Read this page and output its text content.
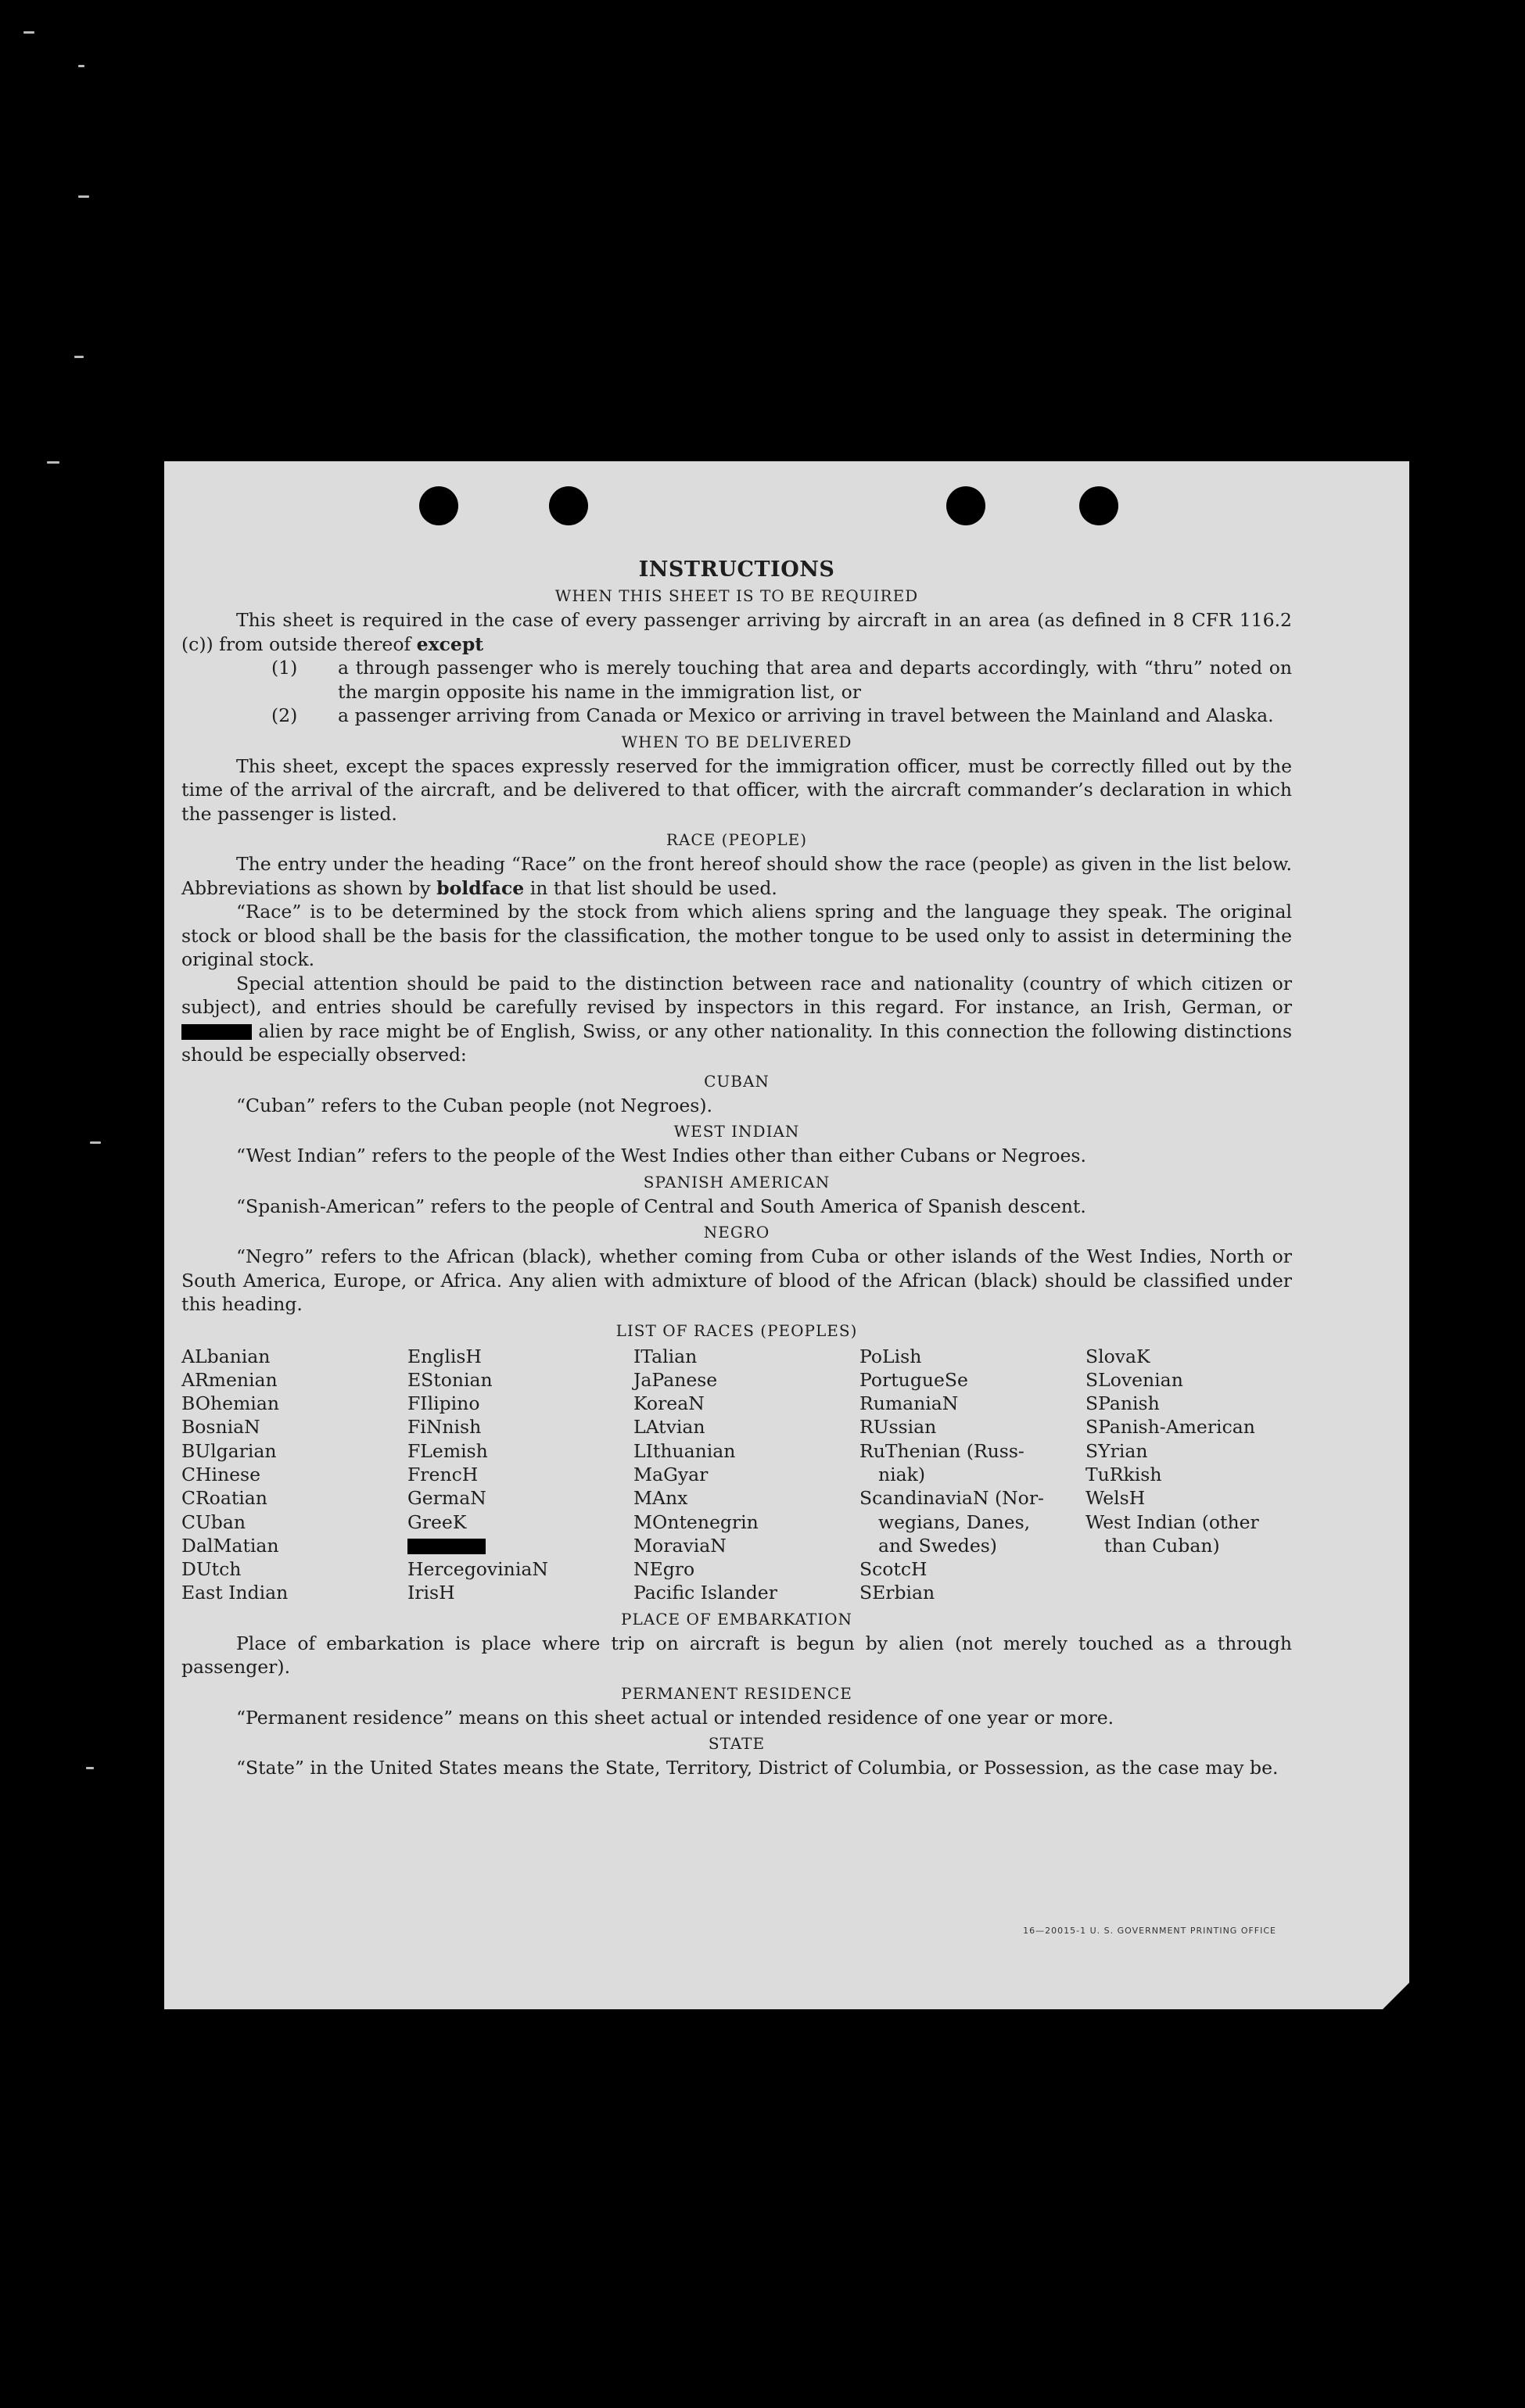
INSTRUCTIONS
WHEN THIS SHEET IS TO BE REQUIRED

This sheet is required in the case of every passenger arriving by aircraft in an area (as defined in 8 CFR 116.2 (c)) from outside thereof except

(1) a through passenger who is merely touching that area and departs accordingly, with “thru” noted on the margin opposite his name in the immigration list, or
(2) a passenger arriving from Canada or Mexico or arriving in travel between the Mainland and Alaska.
WHEN TO BE DELIVERED

This sheet, except the spaces expressly reserved for the immigration officer, must be correctly filled out by the time of the arrival of the aircraft, and be delivered to that officer, with the aircraft commander’s declaration in which the passenger is listed.

RACE (PEOPLE)

The entry under the heading “Race” on the front hereof should show the race (people) as given in the list below. Abbreviations as shown by boldface in that list should be used.

“Race” is to be determined by the stock from which aliens spring and the language they speak. The original stock or blood shall be the basis for the classification, the mother tongue to be used only to assist in determining the original stock.

Special attention should be paid to the distinction between race and nationality (country of which citizen or subject), and entries should be carefully revised by inspectors in this regard. For instance, an Irish, German, or  alien by race might be of English, Swiss, or any other nationality. In this connection the following distinctions should be especially observed:

CUBAN

“Cuban” refers to the Cuban people (not Negroes).

WEST INDIAN

“West Indian” refers to the people of the West Indies other than either Cubans or Negroes.

SPANISH AMERICAN

“Spanish-American” refers to the people of Central and South America of Spanish descent.

NEGRO

“Negro” refers to the African (black), whether coming from Cuba or other islands of the West Indies, North or South America, Europe, or Africa. Any alien with admixture of blood of the African (black) should be classified under this heading.

LIST OF RACES (PEOPLES)
ALbanian
ARmenian
BOhemian
BosniaN
BUlgarian
CHinese
CRoatian
CUban
DalMatian
DUtch
East Indian
EnglisH
EStonian
FIlipino
FiNnish
FLemish
FrencH
GermaN
GreeK
HercegoviniaN
IrisH
ITalian
JaPanese
KoreaN
LAtvian
LIthuanian
MaGyar
MAnx
MOntenegrin
MoraviaN
NEgro
Pacific Islander
PoLish
PortugueSe
RumaniaN
RUssian
RuThenian (Russ-
niak)
ScandinaviaN (Nor-
wegians, Danes,
and Swedes)
ScotcH
SErbian
SlovaK
SLovenian
SPanish
SPanish-American
SYrian
TuRkish
WelsH
West Indian (other
than Cuban)
PLACE OF EMBARKATION

Place of embarkation is place where trip on aircraft is begun by alien (not merely touched as a through passenger).

PERMANENT RESIDENCE

“Permanent residence” means on this sheet actual or intended residence of one year or more.

STATE

“State” in the United States means the State, Territory, District of Columbia, or Possession, as the case may be.

16—20015-1 U. S. GOVERNMENT PRINTING OFFICE
